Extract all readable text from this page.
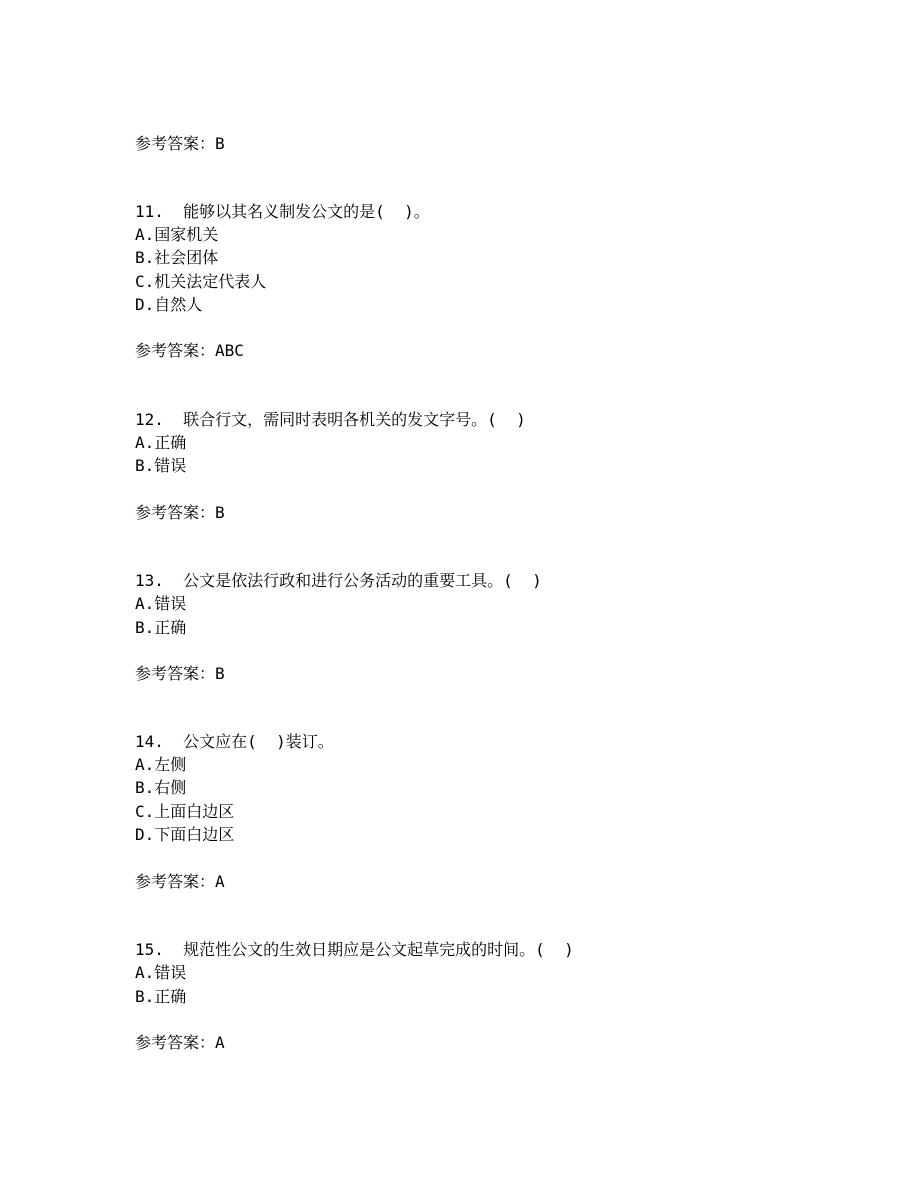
参考答案：B
11. 能够以其名义制发公文的是(  )。
A.国家机关
B.社会团体
C.机关法定代表人
D.自然人
参考答案：ABC
12. 联合行文，需同时表明各机关的发文字号。(  )
A.正确
B.错误
参考答案：B
13. 公文是依法行政和进行公务活动的重要工具。(  )
A.错误
B.正确
参考答案：B
14. 公文应在(  )装订。
A.左侧
B.右侧
C.上面白边区
D.下面白边区
参考答案：A
15. 规范性公文的生效日期应是公文起草完成的时间。(  )
A.错误
B.正确
参考答案：A
